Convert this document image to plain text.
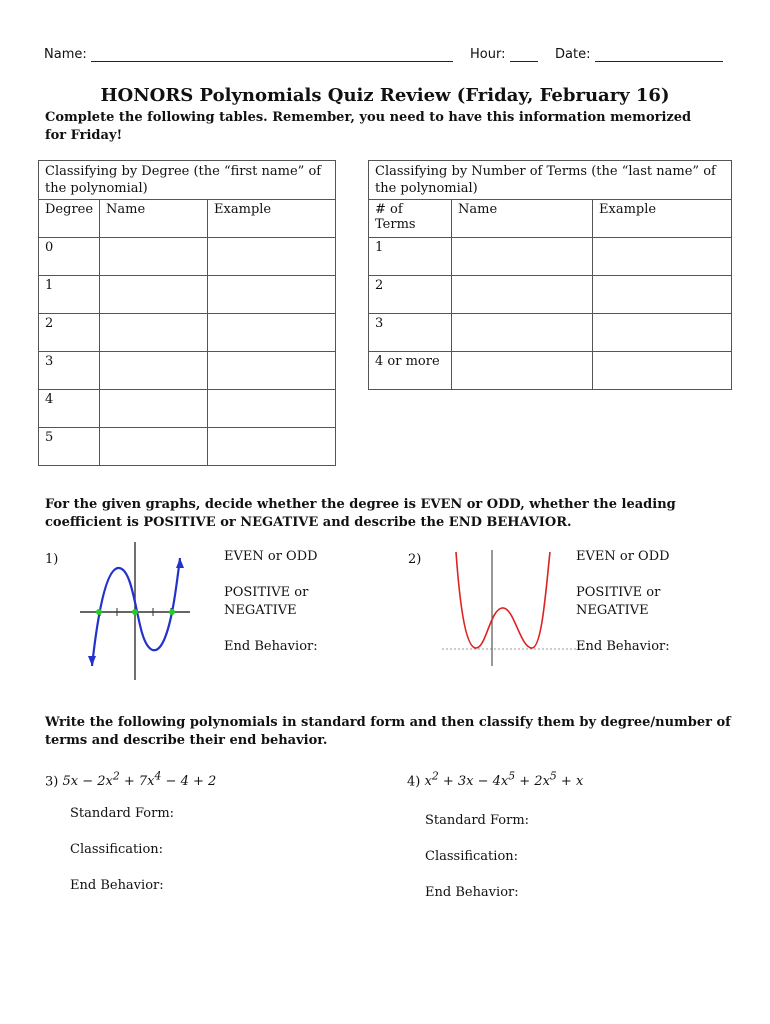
Name:	Hour:	Date:
HONORS Polynomials Quiz Review (Friday, February 16)
Complete the following tables. Remember, you need to have this information memorized for Friday!
Classifying by Degree (the “first name” of the polynomial)		
Degree	Name	Example
0		
1		
2		
3		
4		
5		
Classifying by Number of Terms (the “last name” of the polynomial)		
# of Terms	Name	Example
1		
2		
3		
4 or more		
For the given graphs, decide whether the degree is EVEN or ODD, whether the leading coefficient is POSITIVE or NEGATIVE and describe the END BEHAVIOR.
1)	EVEN or ODD
POSITIVE or NEGATIVE
End Behavior:
2)	EVEN or ODD
POSITIVE or NEGATIVE
End Behavior:
Write the following polynomials in standard form and then classify them by degree/number of terms and describe their end behavior.
3) $5x - 2x^2 + 7x^4 - 4 + 2$
Standard Form:
Classification:
End Behavior:
4) $x^2 + 3x - 4x^5 + 2x^5 + x$
Standard Form:
Classification:
End Behavior:
